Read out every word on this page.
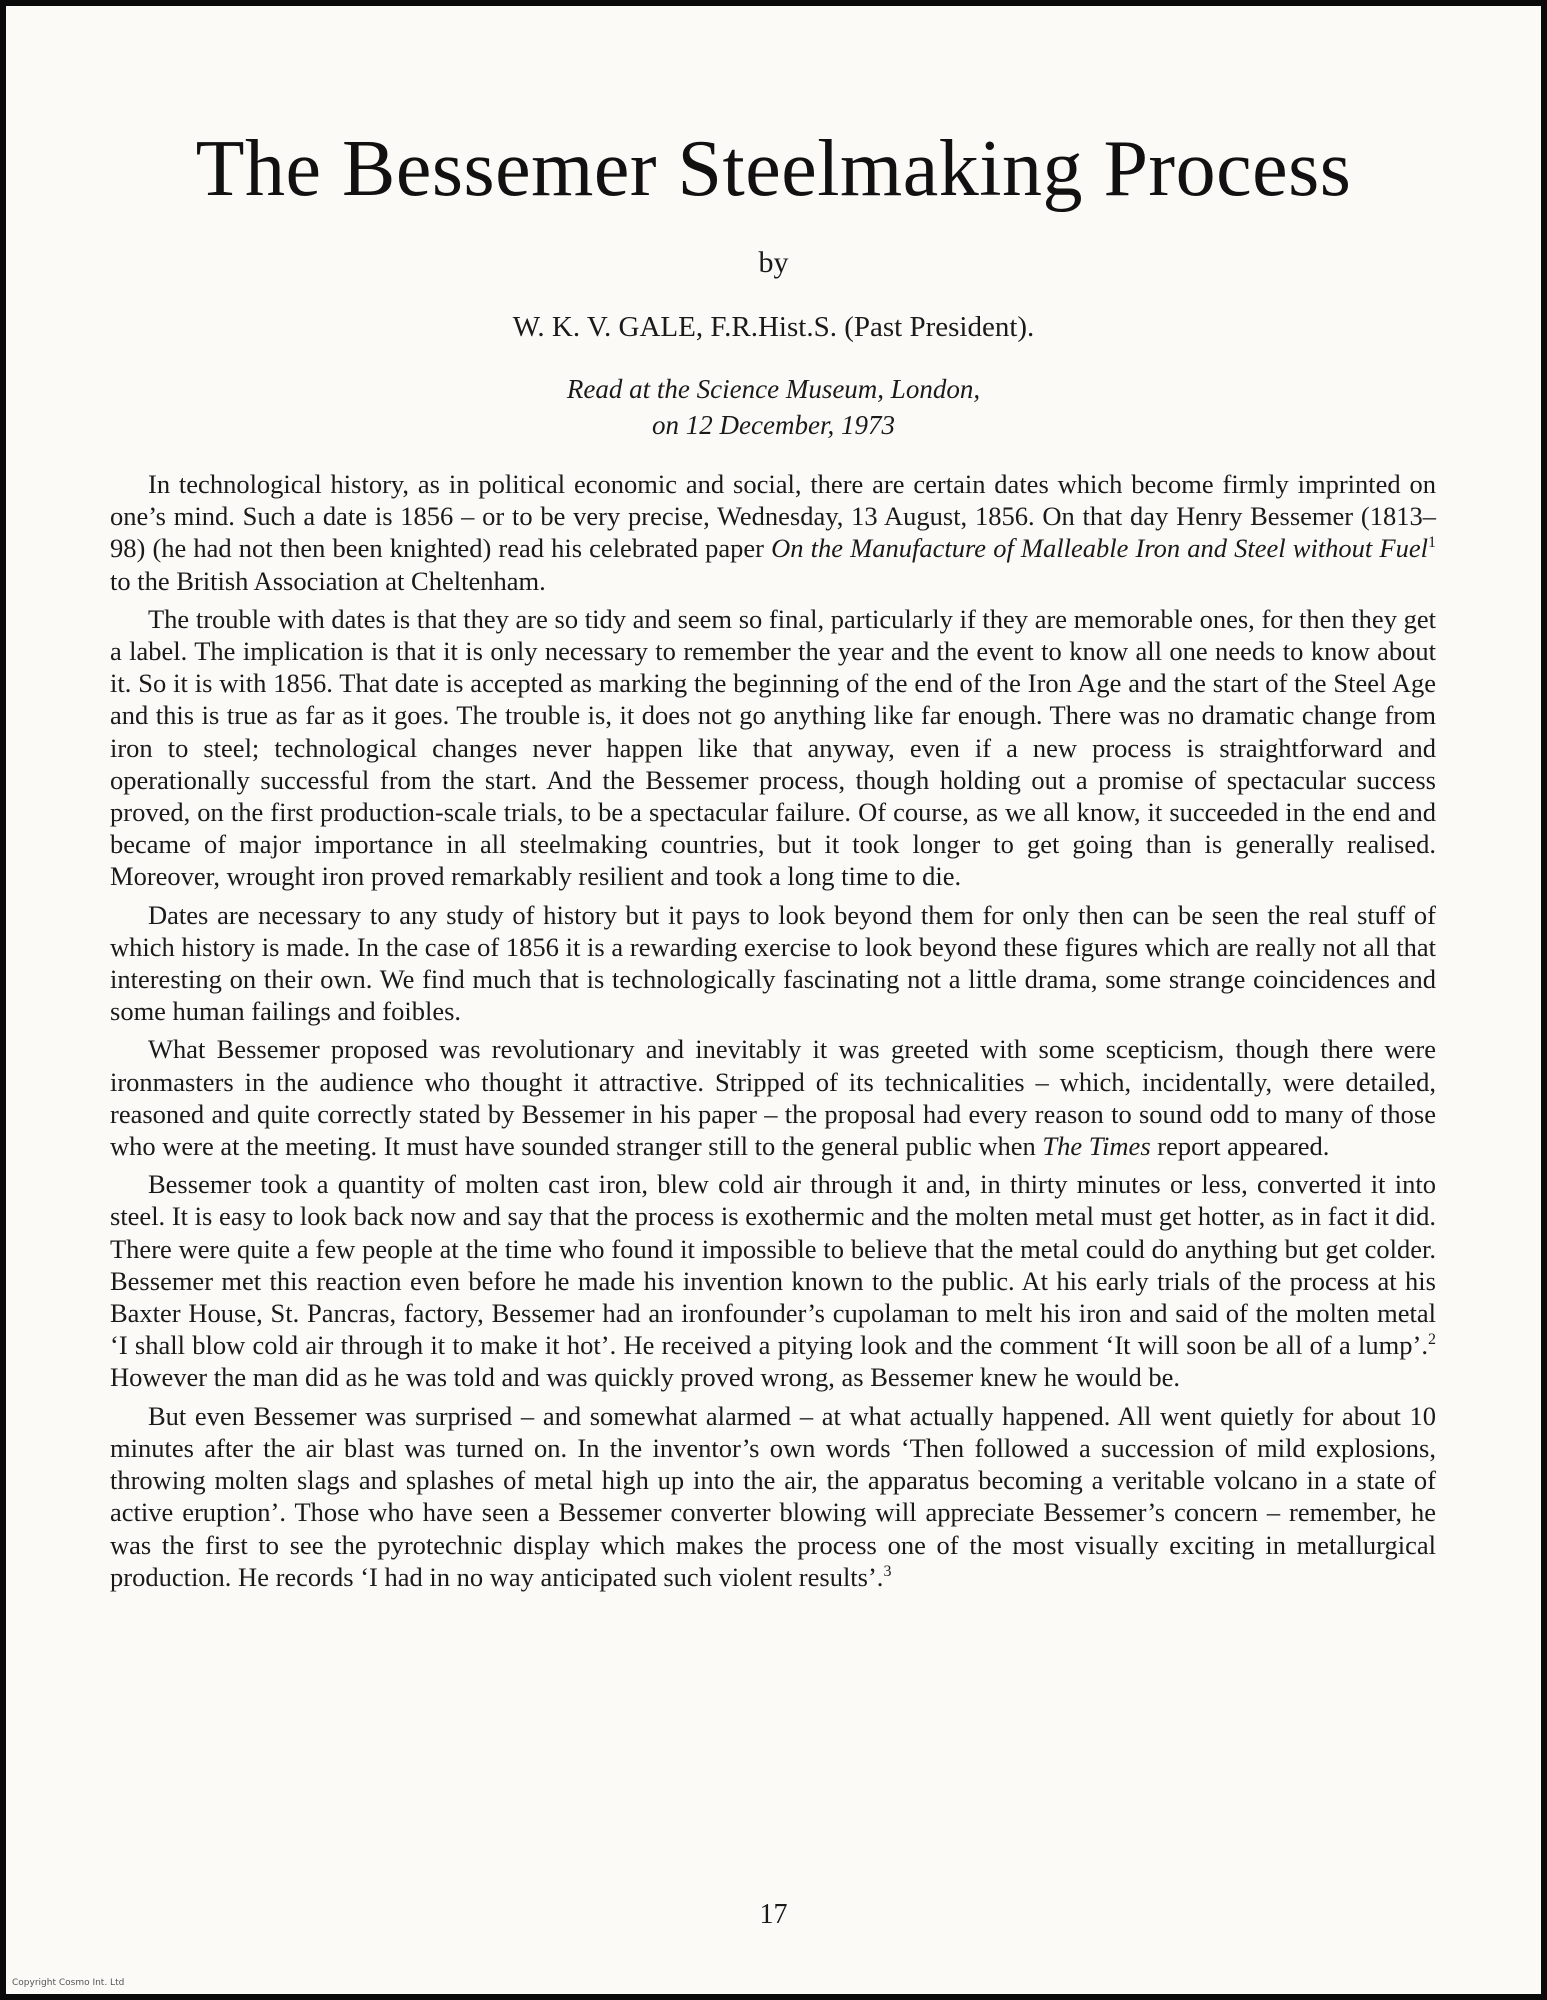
The Bessemer Steelmaking Process
by
W. K. V. GALE, F.R.Hist.S. (Past President).
Read at the Science Museum, London,
on 12 December, 1973

In technological history, as in political economic and social, there are certain dates which become firmly imprinted on one’s mind. Such a date is 1856 – or to be very precise, Wednesday, 13 August, 1856. On that day Henry Bessemer (1813–98) (he had not then been knighted) read his celebrated paper On the Manufacture of Malleable Iron and Steel without Fuel$^1$ to the British Association at Cheltenham.

The trouble with dates is that they are so tidy and seem so final, particularly if they are memorable ones, for then they get a label. The implication is that it is only necessary to remember the year and the event to know all one needs to know about it. So it is with 1856. That date is accepted as marking the beginning of the end of the Iron Age and the start of the Steel Age and this is true as far as it goes. The trouble is, it does not go anything like far enough. There was no dramatic change from iron to steel; technological changes never happen like that anyway, even if a new process is straightforward and operationally successful from the start. And the Bessemer process, though holding out a promise of spectacular success proved, on the first production-scale trials, to be a spectacular failure. Of course, as we all know, it succeeded in the end and became of major importance in all steelmaking countries, but it took longer to get going than is generally realised. Moreover, wrought iron proved remarkably resilient and took a long time to die.

Dates are necessary to any study of history but it pays to look beyond them for only then can be seen the real stuff of which history is made. In the case of 1856 it is a rewarding exercise to look beyond these figures which are really not all that interesting on their own. We find much that is technologically fascinating not a little drama, some strange coincidences and some human failings and foibles.

What Bessemer proposed was revolutionary and inevitably it was greeted with some scepticism, though there were ironmasters in the audience who thought it attractive. Stripped of its technicalities – which, incidentally, were detailed, reasoned and quite correctly stated by Bessemer in his paper – the proposal had every reason to sound odd to many of those who were at the meeting. It must have sounded stranger still to the general public when The Times report appeared.

Bessemer took a quantity of molten cast iron, blew cold air through it and, in thirty minutes or less, converted it into steel. It is easy to look back now and say that the process is exothermic and the molten metal must get hotter, as in fact it did. There were quite a few people at the time who found it impossible to believe that the metal could do anything but get colder. Bessemer met this reaction even before he made his invention known to the public. At his early trials of the process at his Baxter House, St. Pancras, factory, Bessemer had an ironfounder’s cupolaman to melt his iron and said of the molten metal ‘I shall blow cold air through it to make it hot’. He received a pitying look and the comment ‘It will soon be all of a lump’.$^2$ However the man did as he was told and was quickly proved wrong, as Bessemer knew he would be.

But even Bessemer was surprised – and somewhat alarmed – at what actually happened. All went quietly for about 10 minutes after the air blast was turned on. In the inventor’s own words ‘Then followed a succession of mild explosions, throwing molten slags and splashes of metal high up into the air, the apparatus becoming a veritable volcano in a state of active eruption’. Those who have seen a Bessemer converter blowing will appreciate Bessemer’s concern – remember, he was the first to see the pyrotechnic display which makes the process one of the most visually exciting in metallurgical production. He records ‘I had in no way anticipated such violent results’.$^3$

17
Copyright Cosmo Int. Ltd
